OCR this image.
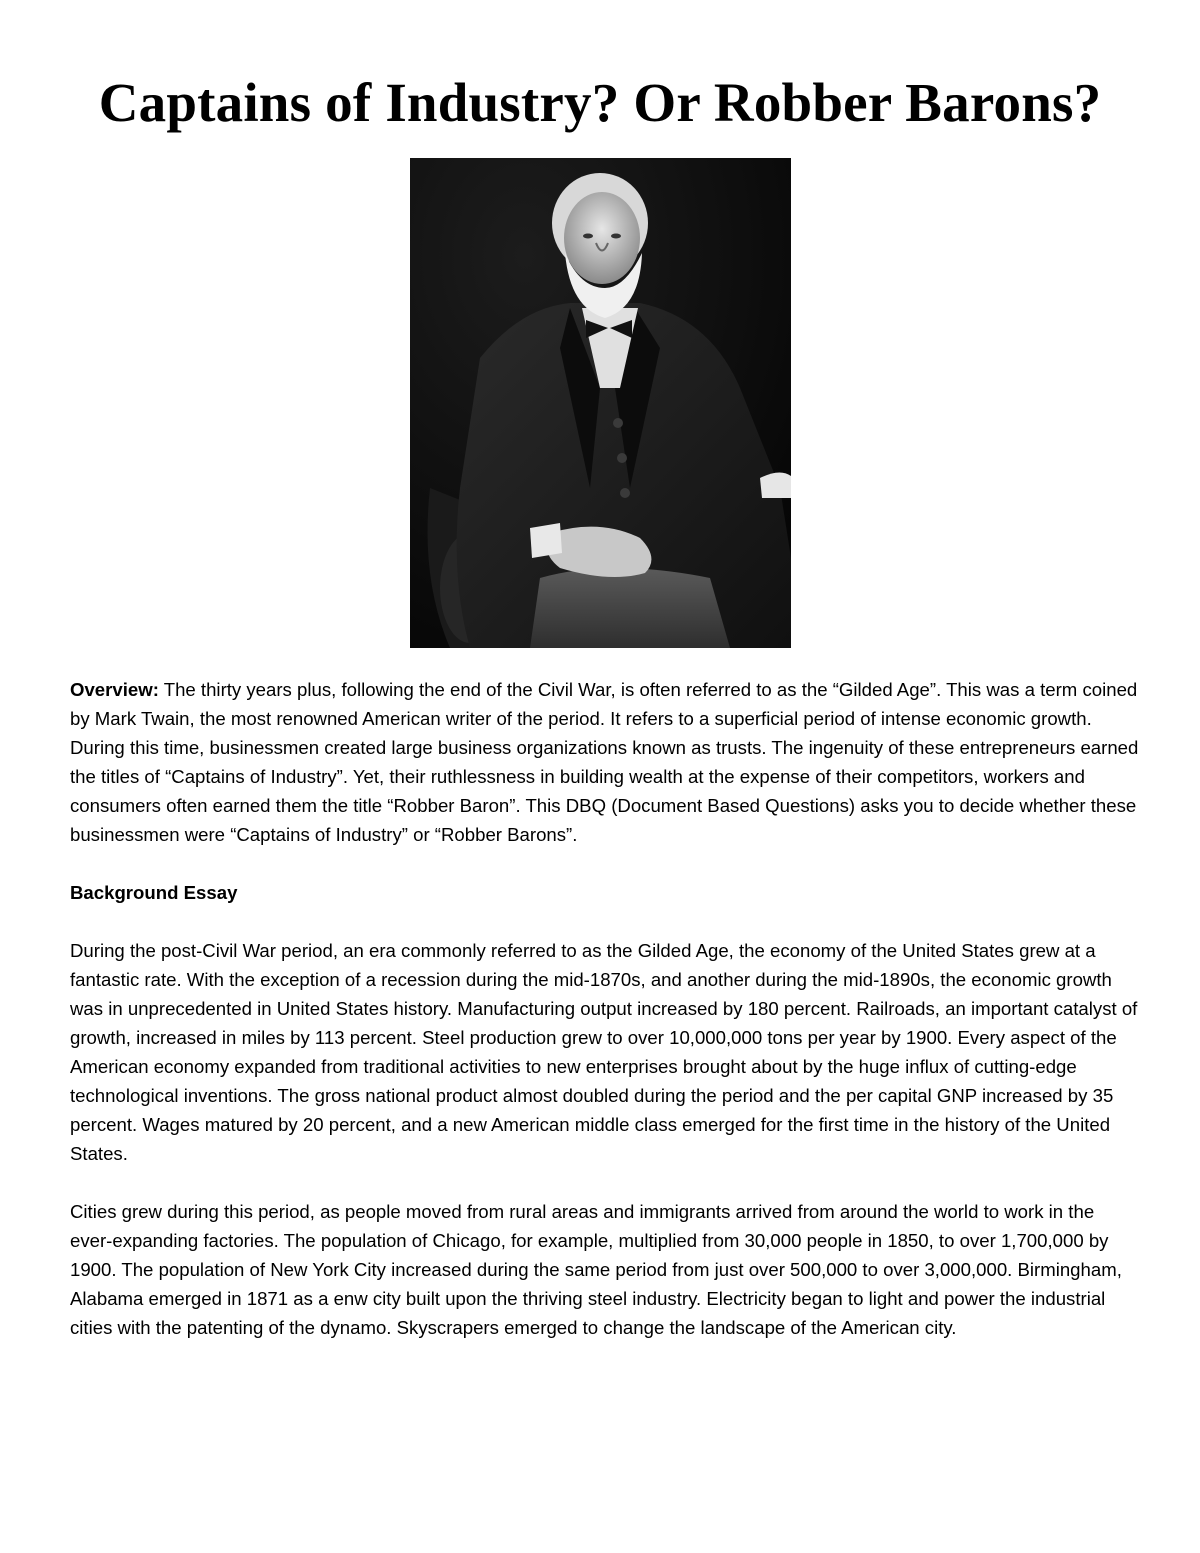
Captains of Industry? Or Robber Barons?

Overview: The thirty years plus, following the end of the Civil War, is often referred to as the “Gilded Age”. This was a term coined by Mark Twain, the most renowned American writer of the period. It refers to a superficial period of intense economic growth. During this time, businessmen created large business organizations known as trusts. The ingenuity of these entrepreneurs earned the titles of “Captains of Industry”. Yet, their ruthlessness in building wealth at the expense of their competitors, workers and consumers often earned them the title “Robber Baron”. This DBQ (Document Based Questions) asks you to decide whether these businessmen were “Captains of Industry” or “Robber Barons”.

Background Essay

During the post-Civil War period, an era commonly referred to as the Gilded Age, the economy of the United States grew at a fantastic rate. With the exception of a recession during the mid-1870s, and another during the mid-1890s, the economic growth was in unprecedented in United States history. Manufacturing output increased by 180 percent. Railroads, an important catalyst of growth, increased in miles by 113 percent. Steel production grew to over 10,000,000 tons per year by 1900. Every aspect of the American economy expanded from traditional activities to new enterprises brought about by the huge influx of cutting-edge technological inventions. The gross national product almost doubled during the period and the per capital GNP increased by 35 percent. Wages matured by 20 percent, and a new American middle class emerged for the first time in the history of the United States.

Cities grew during this period, as people moved from rural areas and immigrants arrived from around the world to work in the ever-expanding factories. The population of Chicago, for example, multiplied from 30,000 people in 1850, to over 1,700,000 by 1900. The population of New York City increased during the same period from just over 500,000 to over 3,000,000. Birmingham, Alabama emerged in 1871 as a enw city built upon the thriving steel industry. Electricity began to light and power the industrial cities with the patenting of the dynamo. Skyscrapers emerged to change the landscape of the American city.
